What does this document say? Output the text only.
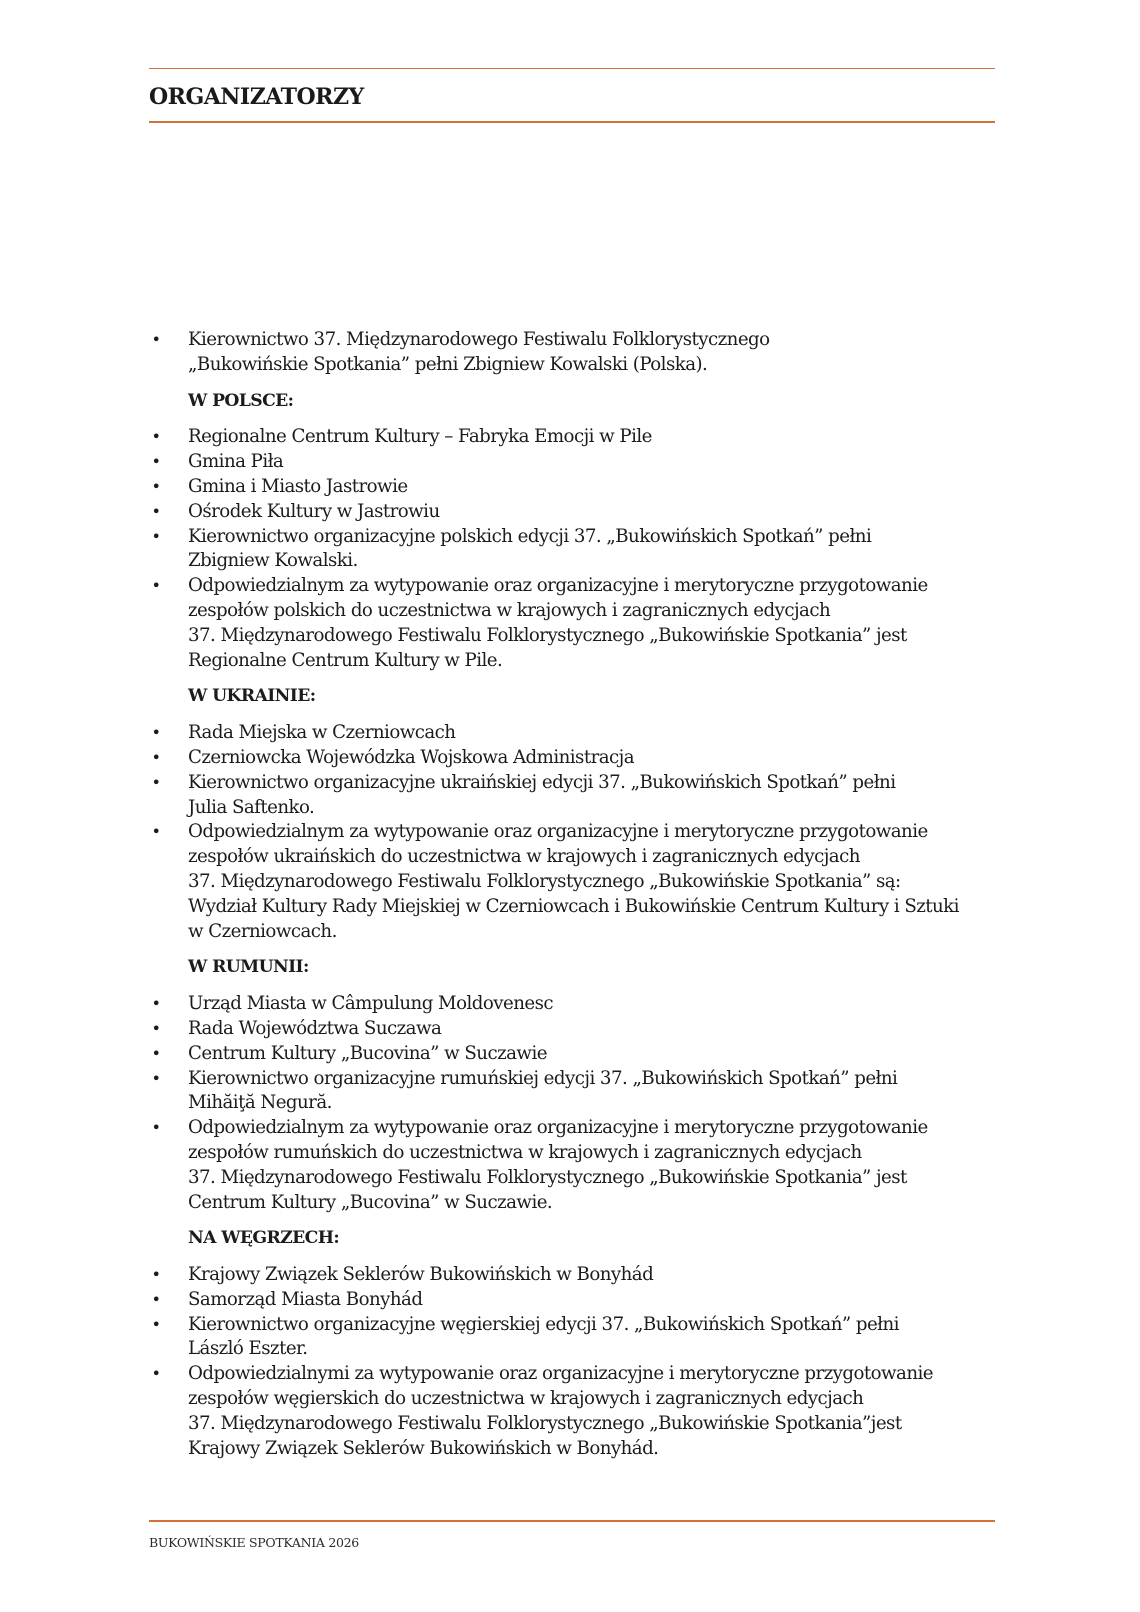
ORGANIZATORZY
• Kierownictwo 37. Międzynarodowego Festiwalu Folklorystycznego
„Bukowińskie Spotkania” pełni Zbigniew Kowalski (Polska).
W POLSCE:
• Regionalne Centrum Kultury – Fabryka Emocji w Pile
• Gmina Piła
• Gmina i Miasto Jastrowie
• Ośrodek Kultury w Jastrowiu
• Kierownictwo organizacyjne polskich edycji 37. „Bukowińskich Spotkań” pełni
Zbigniew Kowalski.
• Odpowiedzialnym za wytypowanie oraz organizacyjne i merytoryczne przygotowanie
zespołów polskich do uczestnictwa w krajowych i zagranicznych edycjach
37. Międzynarodowego Festiwalu Folklorystycznego „Bukowińskie Spotkania” jest
Regionalne Centrum Kultury w Pile.
W UKRAINIE:
• Rada Miejska w Czerniowcach
• Czerniowcka Wojewódzka Wojskowa Administracja
• Kierownictwo organizacyjne ukraińskiej edycji 37. „Bukowińskich Spotkań” pełni
Julia Saftenko.
• Odpowiedzialnym za wytypowanie oraz organizacyjne i merytoryczne przygotowanie
zespołów ukraińskich do uczestnictwa w krajowych i zagranicznych edycjach
37. Międzynarodowego Festiwalu Folklorystycznego „Bukowińskie Spotkania” są:
Wydział Kultury Rady Miejskiej w Czerniowcach i Bukowińskie Centrum Kultury i Sztuki
w Czerniowcach.
W RUMUNII:
• Urząd Miasta w Câmpulung Moldovenesc
• Rada Województwa Suczawa
• Centrum Kultury „Bucovina” w Suczawie
• Kierownictwo organizacyjne rumuńskiej edycji 37. „Bukowińskich Spotkań” pełni
Mihăiţă Negură.
• Odpowiedzialnym za wytypowanie oraz organizacyjne i merytoryczne przygotowanie
zespołów rumuńskich do uczestnictwa w krajowych i zagranicznych edycjach
37. Międzynarodowego Festiwalu Folklorystycznego „Bukowińskie Spotkania” jest
Centrum Kultury „Bucovina” w Suczawie.
NA WĘGRZECH:
• Krajowy Związek Seklerów Bukowińskich w Bonyhád
• Samorząd Miasta Bonyhád
• Kierownictwo organizacyjne węgierskiej edycji 37. „Bukowińskich Spotkań” pełni
László Eszter.
• Odpowiedzialnymi za wytypowanie oraz organizacyjne i merytoryczne przygotowanie
zespołów węgierskich do uczestnictwa w krajowych i zagranicznych edycjach
37. Międzynarodowego Festiwalu Folklorystycznego „Bukowińskie Spotkania”jest
Krajowy Związek Seklerów Bukowińskich w Bonyhád.
BUKOWIŃSKIE SPOTKANIA 2026
